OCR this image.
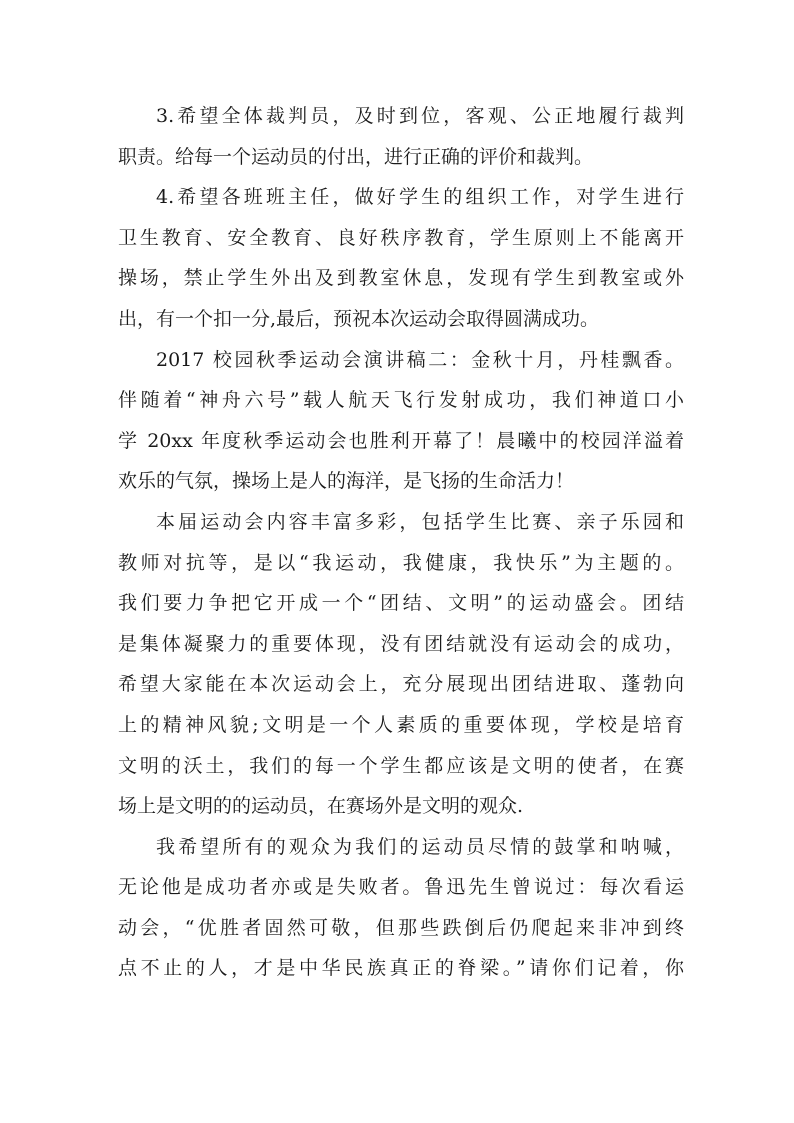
3.希望全体裁判员，及时到位，客观、公正地履行裁判
职责。给每一个运动员的付出，进行正确的评价和裁判。
4.希望各班班主任，做好学生的组织工作，对学生进行
卫生教育、安全教育、良好秩序教育，学生原则上不能离开
操场，禁止学生外出及到教室休息，发现有学生到教室或外
出，有一个扣一分,最后，预祝本次运动会取得圆满成功。
2017 校园秋季运动会演讲稿二：金秋十月，丹桂飘香。
伴随着“神舟六号”载人航天飞行发射成功，我们神道口小
学 20xx 年度秋季运动会也胜利开幕了！晨曦中的校园洋溢着
欢乐的气氛，操场上是人的海洋，是飞扬的生命活力！
本届运动会内容丰富多彩，包括学生比赛、亲子乐园和
教师对抗等，是以“我运动，我健康，我快乐”为主题的。
我们要力争把它开成一个“团结、文明”的运动盛会。团结
是集体凝聚力的重要体现，没有团结就没有运动会的成功，
希望大家能在本次运动会上，充分展现出团结进取、蓬勃向
上的精神风貌;文明是一个人素质的重要体现，学校是培育
文明的沃土，我们的每一个学生都应该是文明的使者，在赛
场上是文明的的运动员，在赛场外是文明的观众.
我希望所有的观众为我们的运动员尽情的鼓掌和呐喊，
无论他是成功者亦或是失败者。鲁迅先生曾说过：每次看运
动会，“优胜者固然可敬，但那些跌倒后仍爬起来非冲到终
点不止的人，才是中华民族真正的脊梁。”请你们记着，你
